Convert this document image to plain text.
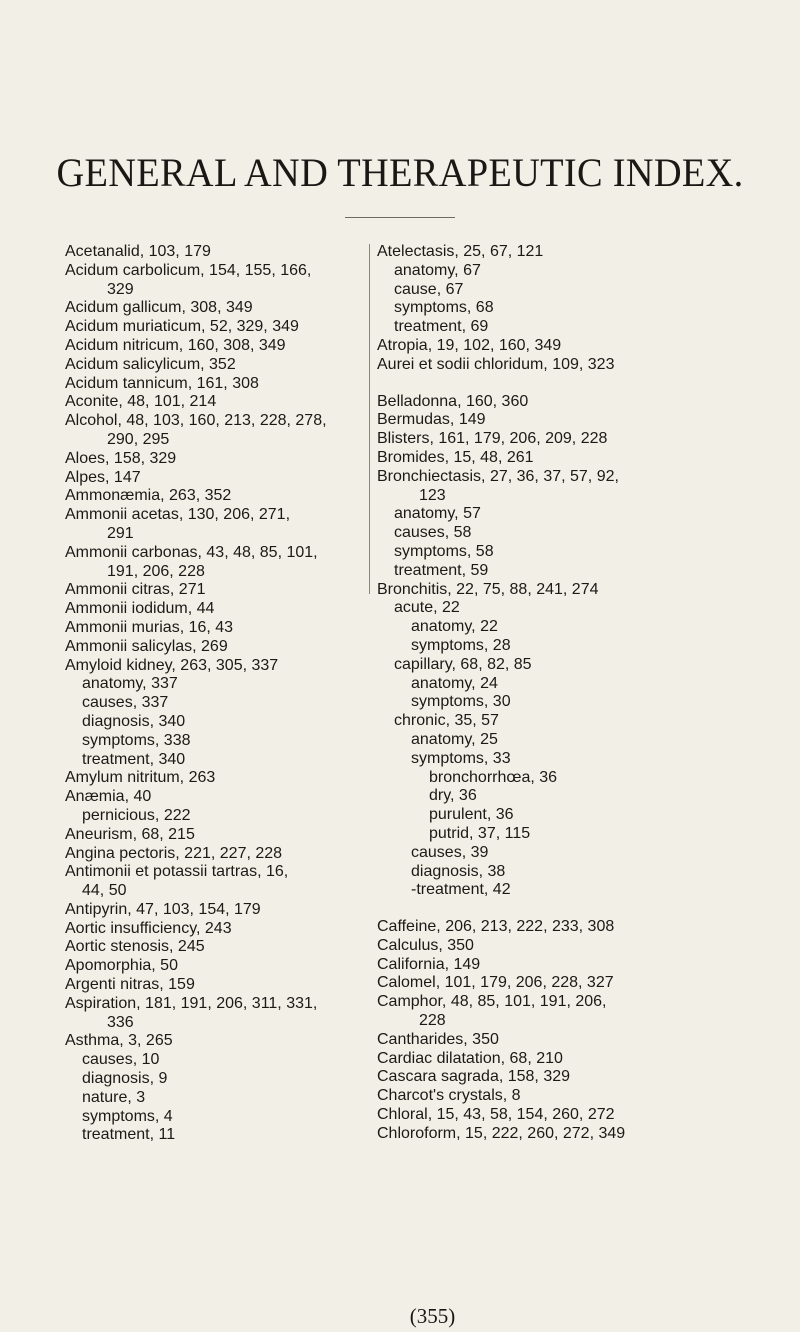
GENERAL AND THERAPEUTIC INDEX.
Acetanalid, 103, 179
Acidum carbolicum, 154, 155, 166,
329
Acidum gallicum, 308, 349
Acidum muriaticum, 52, 329, 349
Acidum nitricum, 160, 308, 349
Acidum salicylicum, 352
Acidum tannicum, 161, 308
Aconite, 48, 101, 214
Alcohol, 48, 103, 160, 213, 228, 278,
290, 295
Aloes, 158, 329
Alpes, 147
Ammonæmia, 263, 352
Ammonii acetas, 130, 206, 271,
291
Ammonii carbonas, 43, 48, 85, 101,
191, 206, 228
Ammonii citras, 271
Ammonii iodidum, 44
Ammonii murias, 16, 43
Ammonii salicylas, 269
Amyloid kidney, 263, 305, 337
anatomy, 337
causes, 337
diagnosis, 340
symptoms, 338
treatment, 340
Amylum nitritum, 263
Anæmia, 40
pernicious, 222
Aneurism, 68, 215
Angina pectoris, 221, 227, 228
Antimonii et potassii tartras, 16,
44, 50
Antipyrin, 47, 103, 154, 179
Aortic insufficiency, 243
Aortic stenosis, 245
Apomorphia, 50
Argenti nitras, 159
Aspiration, 181, 191, 206, 311, 331,
336
Asthma, 3, 265
causes, 10
diagnosis, 9
nature, 3
symptoms, 4
treatment, 11
Atelectasis, 25, 67, 121
anatomy, 67
cause, 67
symptoms, 68
treatment, 69
Atropia, 19, 102, 160, 349
Aurei et sodii chloridum, 109, 323
Belladonna, 160, 360
Bermudas, 149
Blisters, 161, 179, 206, 209, 228
Bromides, 15, 48, 261
Bronchiectasis, 27, 36, 37, 57, 92,
123
anatomy, 57
causes, 58
symptoms, 58
treatment, 59
Bronchitis, 22, 75, 88, 241, 274
acute, 22
anatomy, 22
symptoms, 28
capillary, 68, 82, 85
anatomy, 24
symptoms, 30
chronic, 35, 57
anatomy, 25
symptoms, 33
bronchorrhœa, 36
dry, 36
purulent, 36
putrid, 37, 115
causes, 39
diagnosis, 38
-treatment, 42
Caffeine, 206, 213, 222, 233, 308
Calculus, 350
California, 149
Calomel, 101, 179, 206, 228, 327
Camphor, 48, 85, 101, 191, 206,
228
Cantharides, 350
Cardiac dilatation, 68, 210
Cascara sagrada, 158, 329
Charcot's crystals, 8
Chloral, 15, 43, 58, 154, 260, 272
Chloroform, 15, 222, 260, 272, 349
(355)
